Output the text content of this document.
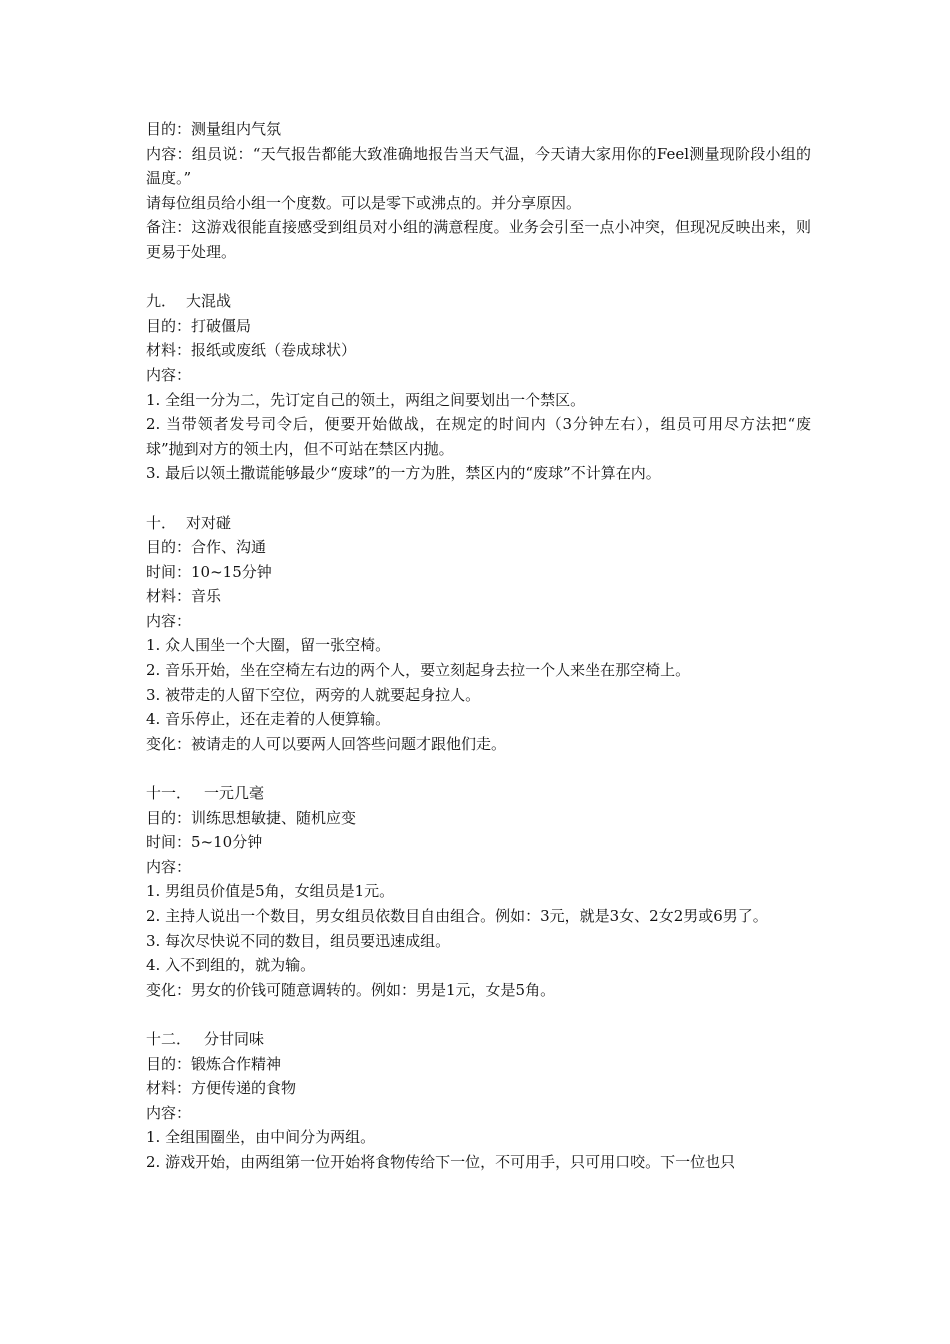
目的：测量组内气氛
内容：组员说：“天气报告都能大致准确地报告当天气温，今天请大家用你的Feel测量现阶段小组的温度。”
请每位组员给小组一个度数。可以是零下或沸点的。并分享原因。
备注：这游戏很能直接感受到组员对小组的满意程度。业务会引至一点小冲突，但现况反映出来，则更易于处理。
九． 大混战
目的：打破僵局
材料：报纸或废纸（卷成球状）
内容：
1. 全组一分为二，先订定自己的领土，两组之间要划出一个禁区。
2. 当带领者发号司令后，便要开始做战，在规定的时间内（3分钟左右），组员可用尽方法把“废球”抛到对方的领土内，但不可站在禁区内抛。
3. 最后以领土撒谎能够最少“废球”的一方为胜，禁区内的“废球”不计算在内。
十． 对对碰
目的：合作、沟通
时间：10~15分钟
材料：音乐
内容：
1. 众人围坐一个大圈，留一张空椅。
2. 音乐开始，坐在空椅左右边的两个人，要立刻起身去拉一个人来坐在那空椅上。
3. 被带走的人留下空位，两旁的人就要起身拉人。
4. 音乐停止，还在走着的人便算输。
变化：被请走的人可以要两人回答些问题才跟他们走。
十一． 一元几毫
目的：训练思想敏捷、随机应变
时间：5~10分钟
内容：
1. 男组员价值是5角，女组员是1元。
2. 主持人说出一个数目，男女组员依数目自由组合。例如：3元，就是3女、2女2男或6男了。
3. 每次尽快说不同的数目，组员要迅速成组。
4. 入不到组的，就为输。
变化：男女的价钱可随意调转的。例如：男是1元，女是5角。
十二． 分甘同味
目的：锻炼合作精神
材料：方便传递的食物
内容：
1. 全组围圈坐，由中间分为两组。
2. 游戏开始，由两组第一位开始将食物传给下一位，不可用手，只可用口咬。下一位也只
